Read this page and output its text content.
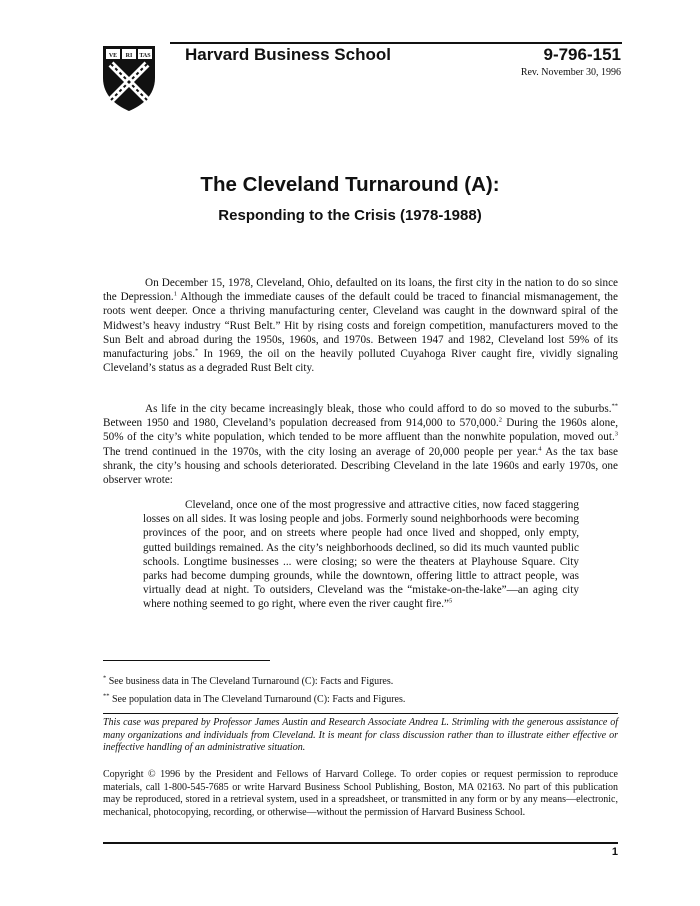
VE RI TAS Harvard Business School	9-796-151
Rev. November 30, 1996
The Cleveland Turnaround (A):
Responding to the Crisis (1978-1988)

On December 15, 1978, Cleveland, Ohio, defaulted on its loans, the first city in the nation to do so since the Depression.$^1$ Although the immediate causes of the default could be traced to financial mismanagement, the roots went deeper. Once a thriving manufacturing center, Cleveland was caught in the downward spiral of the Midwest’s heavy industry “Rust Belt.” Hit by rising costs and foreign competition, manufacturers moved to the Sun Belt and abroad during the 1950s, 1960s, and 1970s. Between 1947 and 1982, Cleveland lost 59% of its manufacturing jobs.* In 1969, the oil on the heavily polluted Cuyahoga River caught fire, vividly signaling Cleveland’s status as a degraded Rust Belt city.

As life in the city became increasingly bleak, those who could afford to do so moved to the suburbs.** Between 1950 and 1980, Cleveland’s population decreased from 914,000 to 570,000.$^2$ During the 1960s alone, 50% of the city’s white population, which tended to be more affluent than the nonwhite population, moved out.$^3$ The trend continued in the 1970s, with the city losing an average of 20,000 people per year.$^4$ As the tax base shrank, the city’s housing and schools deteriorated. Describing Cleveland in the late 1960s and early 1970s, one observer wrote:

Cleveland, once one of the most progressive and attractive cities, now faced staggering losses on all sides. It was losing people and jobs. Formerly sound neighborhoods were becoming provinces of the poor, and on streets where people had once lived and shopped, only empty, gutted buildings remained. As the city’s neighborhoods declined, so did its much vaunted public schools. Longtime businesses ... were closing; so were the theaters at Playhouse Square. City parks had become dumping grounds, while the downtown, offering little to attract people, was virtually dead at night. To outsiders, Cleveland was the “mistake-on-the-lake”—an aging city where nothing seemed to go right, where even the river caught fire.”$^5$

* See business data in The Cleveland Turnaround (C): Facts and Figures.
** See population data in The Cleveland Turnaround (C): Facts and Figures.
This case was prepared by Professor James Austin and Research Associate Andrea L. Strimling with the generous assistance of many organizations and individuals from Cleveland. It is meant for class discussion rather than to illustrate either effective or ineffective handling of an administrative situation.
Copyright © 1996 by the President and Fellows of Harvard College. To order copies or request permission to reproduce materials, call 1-800-545-7685 or write Harvard Business School Publishing, Boston, MA 02163. No part of this publication may be reproduced, stored in a retrieval system, used in a spreadsheet, or transmitted in any form or by any means—electronic, mechanical, photocopying, recording, or otherwise—without the permission of Harvard Business School.
1
